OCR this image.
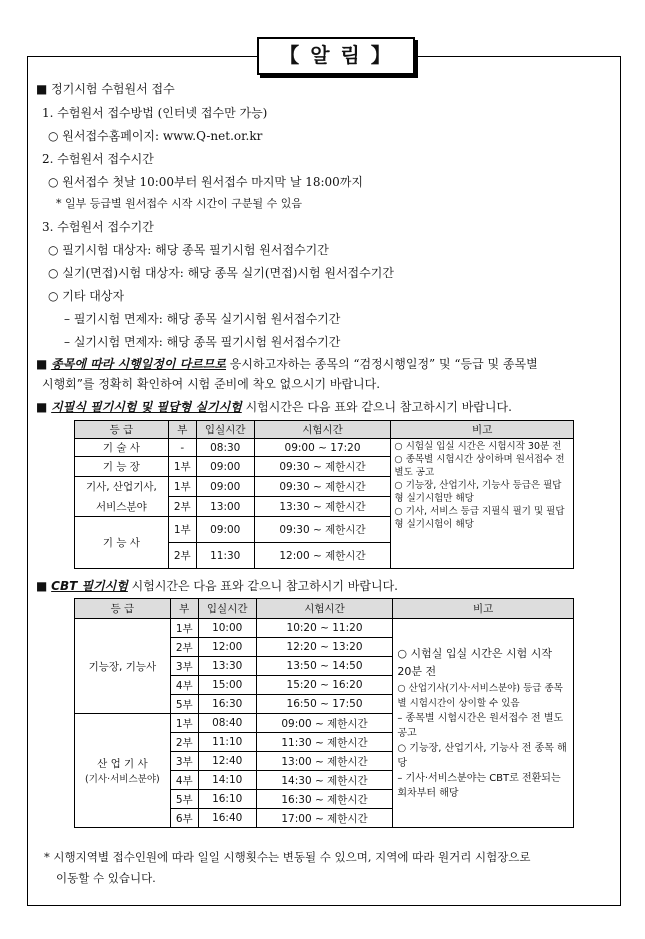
【 알 림 】
■ 정기시험 수험원서 접수
1. 수험원서 접수방법 (인터넷 접수만 가능)
○ 원서접수홈페이지: www.Q-net.or.kr
2. 수험원서 접수시간
○ 원서접수 첫날 10:00부터 원서접수 마지막 날 18:00까지
* 일부 등급별 원서접수 시작 시간이 구분될 수 있음
3. 수험원서 접수기간
○ 필기시험 대상자: 해당 종목 필기시험 원서접수기간
○ 실기(면접)시험 대상자: 해당 종목 실기(면접)시험 원서접수기간
○ 기타 대상자
– 필기시험 면제자: 해당 종목 실기시험 원서접수기간
– 실기시험 면제자: 해당 종목 필기시험 원서접수기간
■ 종목에 따라 시행일정이 다르므로 응시하고자하는 종목의 “검정시행일정” 및 “등급 및 종목별
시행회”를 정확히 확인하여 시험 준비에 착오 없으시기 바랍니다.
■ 지필식 필기시험 및 필답형 실기시험 시험시간은 다음 표와 같으니 참고하시기 바랍니다.
등 급	부	입실시간	시험시간	비고
기 술 사	-	08:30	09:00 ~ 17:20	○ 시험실 입실 시간은 시험시작 30분 전
○ 종목별 시험시간 상이하며 원서접수 전 별도 공고
○ 기능장, 산업기사, 기능사 등급은 필답형 실기시험만 해당
○ 기사, 서비스 등급 지필식 필기 및 필답형 실기시험이 해당

기 능 장	1부	09:00	09:30 ~ 제한시간	
기사, 산업기사,	1부	09:00	09:30 ~ 제한시간	
서비스분야	2부	13:00	13:30 ~ 제한시간	
기 능 사	1부	09:00	09:30 ~ 제한시간	
	2부	11:30	12:00 ~ 제한시간	
■ CBT 필기시험 시험시간은 다음 표와 같으니 참고하시기 바랍니다.
등 급	부	입실시간	시험시간	비고
기능장, 기능사	1부	10:00	10:20 ~ 11:20	○ 시험실 입실 시간은 시험 시작 20분 전
○ 산업기사(기사·서비스분야) 등급 종목별 시험시간이 상이할 수 있음
– 종목별 시험시간은 원서접수 전 별도 공고
○ 기능장, 산업기사, 기능사 전 종목 해당
– 기사·서비스분야는 CBT로 전환되는 회차부터 해당

	2부	12:00	12:20 ~ 13:20	
	3부	13:30	13:50 ~ 14:50	
	4부	15:00	15:20 ~ 16:20	
	5부	16:30	16:50 ~ 17:50	

산 업 기 사
(기사·서비스분야)	1부	08:40	09:00 ~ 제한시간	
	2부	11:10	11:30 ~ 제한시간	
	3부	12:40	13:00 ~ 제한시간	
	4부	14:10	14:30 ~ 제한시간	
	5부	16:10	16:30 ~ 제한시간	
	6부	16:40	17:00 ~ 제한시간	
* 시행지역별 접수인원에 따라 일일 시행횟수는 변동될 수 있으며, 지역에 따라 원거리 시험장으로
이동할 수 있습니다.
